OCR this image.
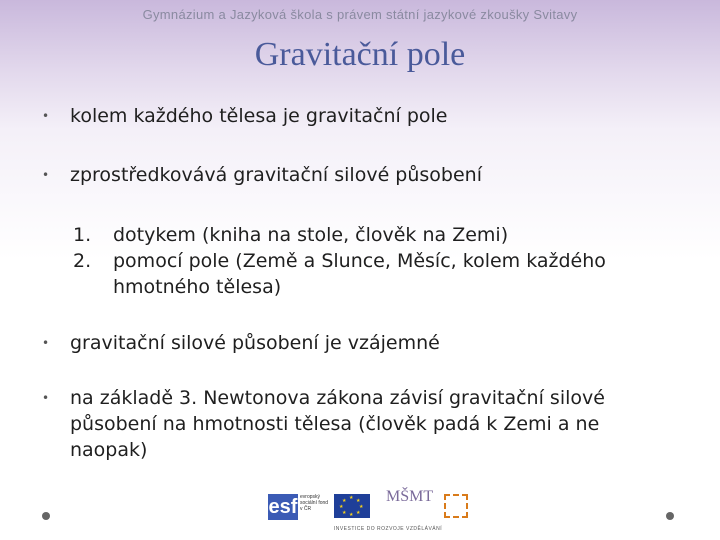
Gymnázium a Jazyková škola s právem státní jazykové zkoušky Svitavy
Gravitační pole
• kolem každého tělesa je gravitační pole
• zprostředkovává gravitační silové působení
1. dotykem (kniha na stole, člověk na Zemi)
2. pomocí pole (Země a Slunce, Měsíc, kolem každého hmotného tělesa)
• gravitační silové působení je vzájemné
• na základě 3. Newtonova zákona závisí gravitační silové působení na hmotnosti tělesa (člověk padá k Zemi a ne naopak)
esf evropský sociální fond v ČR
★ ★
★
★
★
★
★
★ MŠMT
INVESTICE DO ROZVOJE VZDĚLÁVÁNÍ
